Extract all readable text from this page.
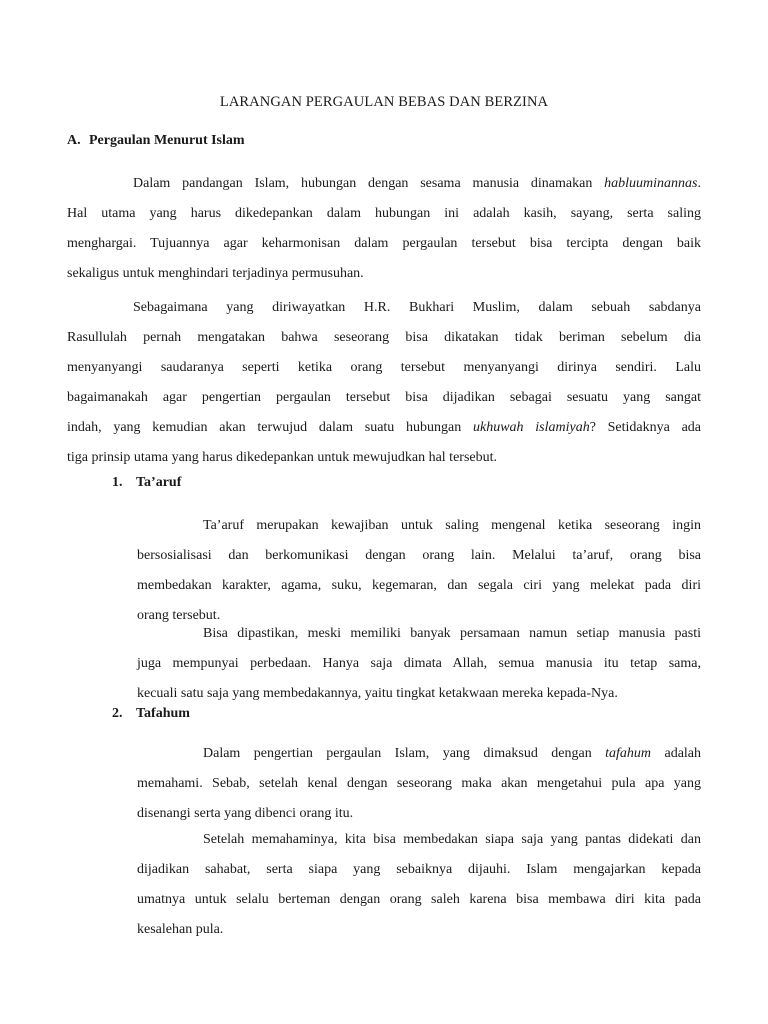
LARANGAN PERGAULAN BEBAS DAN BERZINA
A. Pergaulan Menurut Islam
Dalam pandangan Islam, hubungan dengan sesama manusia dinamakan habluuminannas.
Hal utama yang harus dikedepankan dalam hubungan ini adalah kasih, sayang, serta saling
menghargai. Tujuannya agar keharmonisan dalam pergaulan tersebut bisa tercipta dengan baik
sekaligus untuk menghindari terjadinya permusuhan.
Sebagaimana yang diriwayatkan H.R. Bukhari Muslim, dalam sebuah sabdanya
Rasullulah pernah mengatakan bahwa seseorang bisa dikatakan tidak beriman sebelum dia
menyanyangi saudaranya seperti ketika orang tersebut menyanyangi dirinya sendiri. Lalu
bagaimanakah agar pengertian pergaulan tersebut bisa dijadikan sebagai sesuatu yang sangat
indah, yang kemudian akan terwujud dalam suatu hubungan ukhuwah islamiyah? Setidaknya ada
tiga prinsip utama yang harus dikedepankan untuk mewujudkan hal tersebut.
1. Ta’aruf
Ta’aruf merupakan kewajiban untuk saling mengenal ketika seseorang ingin
bersosialisasi dan berkomunikasi dengan orang lain. Melalui ta’aruf, orang bisa
membedakan karakter, agama, suku, kegemaran, dan segala ciri yang melekat pada diri
orang tersebut.
Bisa dipastikan, meski memiliki banyak persamaan namun setiap manusia pasti
juga mempunyai perbedaan. Hanya saja dimata Allah, semua manusia itu tetap sama,
kecuali satu saja yang membedakannya, yaitu tingkat ketakwaan mereka kepada-Nya.
2. Tafahum
Dalam pengertian pergaulan Islam, yang dimaksud dengan tafahum adalah
memahami. Sebab, setelah kenal dengan seseorang maka akan mengetahui pula apa yang
disenangi serta yang dibenci orang itu.
Setelah memahaminya, kita bisa membedakan siapa saja yang pantas didekati dan
dijadikan sahabat, serta siapa yang sebaiknya dijauhi. Islam mengajarkan kepada
umatnya untuk selalu berteman dengan orang saleh karena bisa membawa diri kita pada
kesalehan pula.
